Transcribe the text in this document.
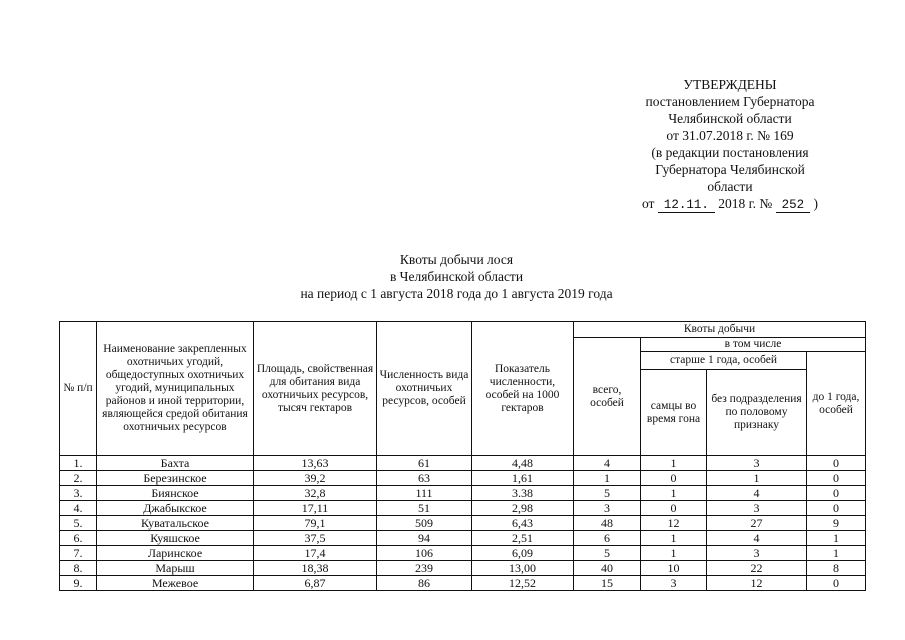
УТВЕРЖДЕНЫ
постановлением Губернатора
Челябинской области
от 31.07.2018 г. № 169
(в редакции постановления
Губернатора Челябинской
области
от 12.11. 2018 г. № 252 )
Квоты добычи лося
в Челябинской области
на период с 1 августа 2018 года до 1 августа 2019 года
№ п/п	Наименование закрепленных охотничьих угодий, общедоступных охотничьих угодий, муниципальных районов и иной территории, являющейся средой обитания охотничьих ресурсов	Площадь, свойственная для обитания вида охотничьих ресурсов, тысяч гектаров	Численность вида охотничьих ресурсов, особей	Показатель численности, особей на 1000 гектаров	Квоты добычи			
					всего, особей	в том числе		
						старше 1 года, особей		до 1 года, особей
						самцы во время гона	без подразделения по половому признаку	
1.	Бахта	13,63	61	4,48	4	1	3	0
2.	Березинское	39,2	63	1,61	1	0	1	0
3.	Биянское	32,8	111	3.38	5	1	4	0
4.	Джабыкское	17,11	51	2,98	3	0	3	0
5.	Куватальское	79,1	509	6,43	48	12	27	9
6.	Куяшское	37,5	94	2,51	6	1	4	1
7.	Ларинское	17,4	106	6,09	5	1	3	1
8.	Марыш	18,38	239	13,00	40	10	22	8
9.	Межевое	6,87	86	12,52	15	3	12	0
